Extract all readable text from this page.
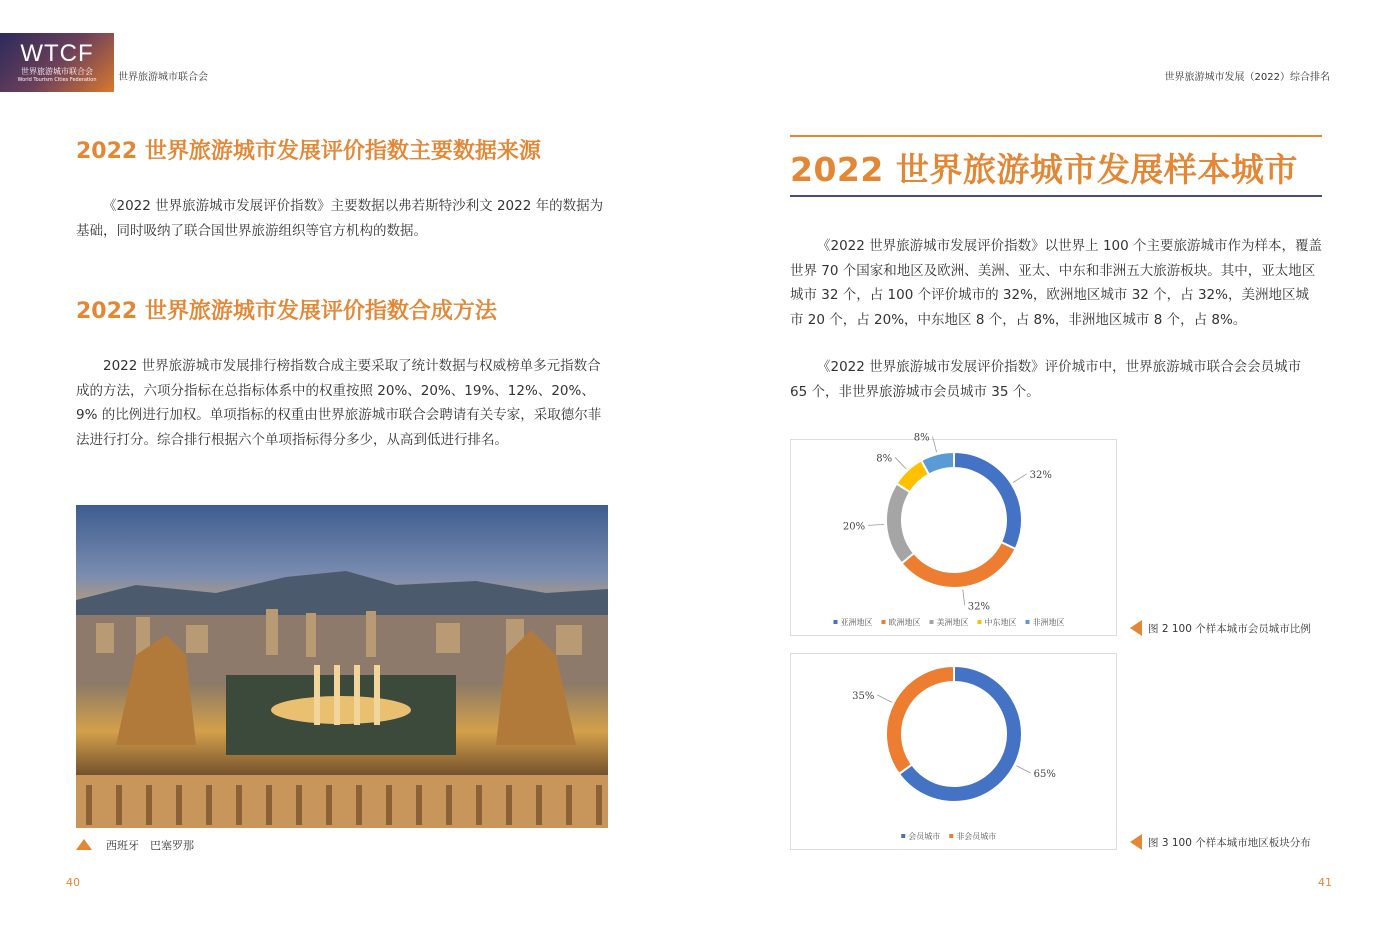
WTCF
世界旅游城市联合会
World Tourism Cities Federation	世界旅游城市联合会	世界旅游城市发展（2022）综合排名
2022 世界旅游城市发展评价指数主要数据来源

《2022 世界旅游城市发展评价指数》主要数据以弗若斯特沙利文 2022 年的数据为基础，同时吸纳了联合国世界旅游组织等官方机构的数据。

2022 世界旅游城市发展评价指数合成方法

2022 世界旅游城市发展排行榜指数合成主要采取了统计数据与权威榜单多元指数合成的方法，六项分指标在总指标体系中的权重按照 20%、20%、19%、12%、20%、9% 的比例进行加权。单项指标的权重由世界旅游城市联合会聘请有关专家，采取德尔菲法进行打分。综合排行根据六个单项指标得分多少，从高到低进行排名。

西班牙　巴塞罗那
40
2022 世界旅游城市发展样本城市

《2022 世界旅游城市发展评价指数》以世界上 100 个主要旅游城市作为样本，覆盖世界 70 个国家和地区及欧洲、美洲、亚太、中东和非洲五大旅游板块。其中，亚太地区城市 32 个，占 100 个评价城市的 32%，欧洲地区城市 32 个，占 32%，美洲地区城市 20 个，占 20%，中东地区 8 个，占 8%，非洲地区城市 8 个，占 8%。

《2022 世界旅游城市发展评价指数》评价城市中，世界旅游城市联合会会员城市 65 个，非世界旅游城市会员城市 35 个。

32%
32%
20%
8%
8%
亚洲地区 欧洲地区 美洲地区 中东地区 非洲地区
图 2 100 个样本城市会员城市比例
65%
35%
会员城市 非会员城市
图 3 100 个样本城市地区板块分布
41
